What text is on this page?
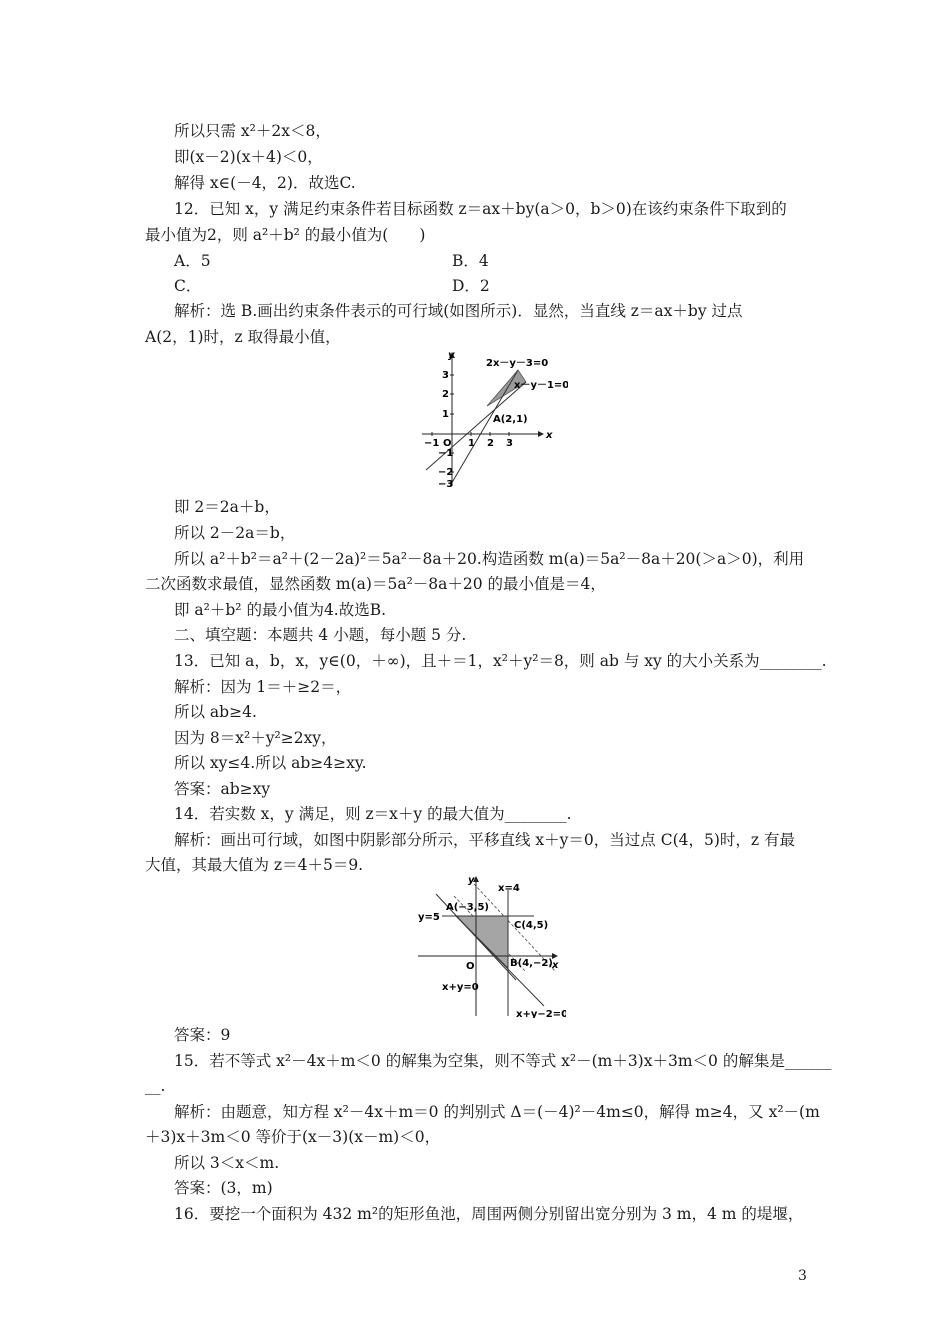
所以只需 x²＋2x＜8，
即(x－2)(x＋4)＜0，
解得 x∈(－4，2)．故选C.
12．已知 x，y 满足约束条件若目标函数 z＝ax＋by(a＞0，b＞0)在该约束条件下取到的
最小值为2，则 a²＋b² 的最小值为(　　)
A．5	B．4
C．	D．2
解析：选 B.画出约束条件表示的可行域(如图所示)．显然，当直线 z＝ax＋by 过点
A(2，1)时，z 取得最小值，
2x－y－3=0
x－y－1=0
A(2,1)
x
y
O
−1	1 2 3
3
2
1
−1
−2
−3
即 2＝2a＋b，
所以 2－2a＝b，
所以 a²＋b²＝a²＋(2－2a)²＝5a²－8a＋20.构造函数 m(a)＝5a²－8a＋20(＞a＞0)，利用
二次函数求最值，显然函数 m(a)＝5a²－8a＋20 的最小值是＝4，
即 a²＋b² 的最小值为4.故选B.
二、填空题：本题共 4 小题，每小题 5 分.
13．已知 a，b，x，y∈(0，＋∞)，且＋＝1，x²＋y²＝8，则 ab 与 xy 的大小关系为________.
解析：因为 1＝＋≥2＝，
所以 ab≥4.
因为 8＝x²＋y²≥2xy，
所以 xy≤4.所以 ab≥4≥xy.
答案：ab≥xy
14．若实数 x，y 满足，则 z＝x＋y 的最大值为________.
解析：画出可行域，如图中阴影部分所示，平移直线 x＋y＝0，当过点 C(4，5)时，z 有最
大值，其最大值为 z＝4＋5＝9.
y
x
O
x=4
y=5
A(−3,5)
C(4,5)
B(4,−2)
x+y=0
x+y−2=0
答案：9
15．若不等式 x²－4x＋m＜0 的解集为空集，则不等式 x²－(m＋3)x＋3m＜0 的解集是______
__.
解析：由题意，知方程 x²－4x＋m＝0 的判别式 Δ＝(－4)²－4m≤0，解得 m≥4，又 x²－(m
＋3)x＋3m＜0 等价于(x－3)(x－m)＜0，
所以 3＜x＜m.
答案：(3，m)
16．要挖一个面积为 432 m²的矩形鱼池，周围两侧分别留出宽分别为 3 m，4 m 的堤堰，
3
